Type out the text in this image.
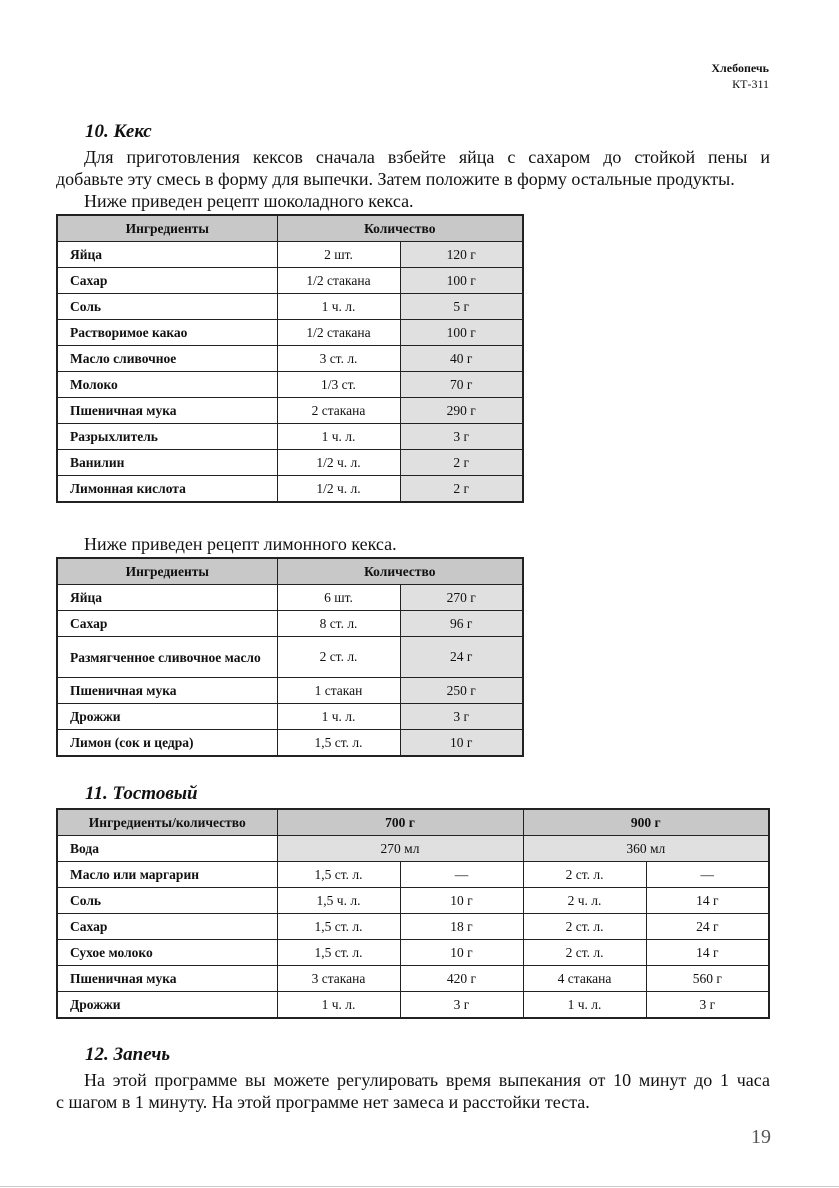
Хлебопечь
КТ-311
10. Кекс

Для приготовления кексов сначала взбейте яйца с сахаром до стойкой пены и

добавьте эту смесь в форму для выпечки. Затем положите в форму остальные продукты.

Ниже приведен рецепт шоколадного кекса.

Ингредиенты	Количество	
Яйца	2 шт.	120 г
Сахар	1/2 стакана	100 г
Соль	1 ч. л.	5 г
Растворимое какао	1/2 стакана	100 г
Масло сливочное	3 ст. л.	40 г
Молоко	1/3 ст.	70 г
Пшеничная мука	2 стакана	290 г
Разрыхлитель	1 ч. л.	3 г
Ванилин	1/2 ч. л.	2 г
Лимонная кислота	1/2 ч. л.	2 г

Ниже приведен рецепт лимонного кекса.

Ингредиенты	Количество	
Яйца	6 шт.	270 г
Сахар	8 ст. л.	96 г
Размягченное сливочное масло	2 ст. л.	24 г
Пшеничная мука	1 стакан	250 г
Дрожжи	1 ч. л.	3 г
Лимон (сок и цедра)	1,5 ст. л.	10 г
11. Тостовый
Ингредиенты/количество	700 г		900 г	
Вода	270 мл		360 мл	
Масло или маргарин	1,5 ст. л.	—	2 ст. л.	—
Соль	1,5 ч. л.	10 г	2 ч. л.	14 г
Сахар	1,5 ст. л.	18 г	2 ст. л.	24 г
Сухое молоко	1,5 ст. л.	10 г	2 ст. л.	14 г
Пшеничная мука	3 стакана	420 г	4 стакана	560 г
Дрожжи	1 ч. л.	3 г	1 ч. л.	3 г
12. Запечь

На этой программе вы можете регулировать время выпекания от 10 минут до 1 часа

с шагом в 1 минуту. На этой программе нет замеса и расстойки теста.

19
